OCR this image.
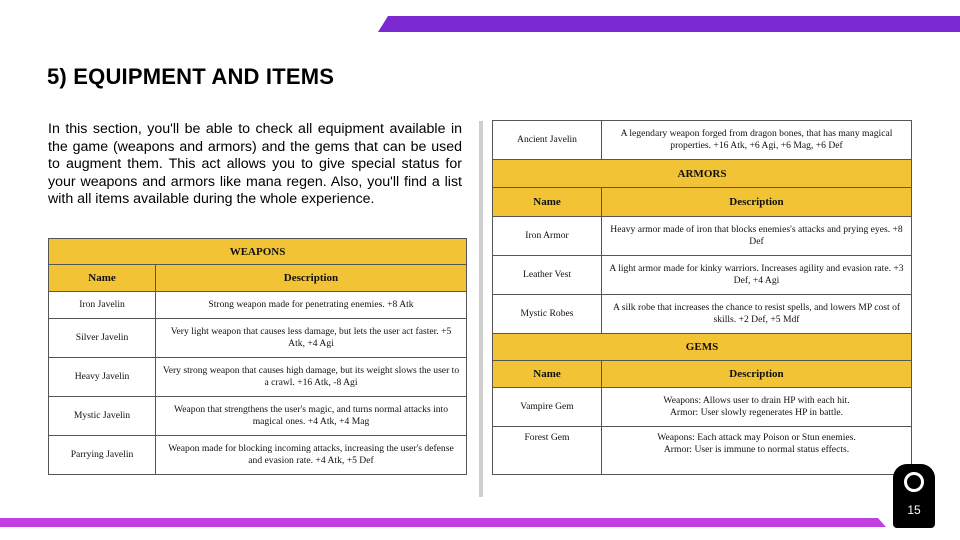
5) EQUIPMENT AND ITEMS

In this section, you'll be able to check all equipment available in the game (weapons and armors) and the gems that can be used to augment them. This act allows you to give special status for your weapons and armors like mana regen. Also, you'll find a list with all items available during the whole experience.

WEAPONS	
Name	Description
Iron Javelin	Strong weapon made for penetrating enemies. +8 Atk
Silver Javelin	Very light weapon that causes less damage, but lets the user act faster. +5 Atk, +4 Agi
Heavy Javelin	Very strong weapon that causes high damage, but its weight slows the user to a crawl. +16 Atk, -8 Agi
Mystic Javelin	Weapon that strengthens the user's magic, and turns normal attacks into magical ones. +4 Atk, +4 Mag
Parrying Javelin	Weapon made for blocking incoming attacks, increasing the user's defense and evasion rate. +4 Atk, +5 Def
Ancient Javelin	A legendary weapon forged from dragon bones, that has many magical properties. +16 Atk, +6 Agi, +6 Mag, +6 Def
ARMORS	
Name	Description
Iron Armor	Heavy armor made of iron that blocks enemies's attacks and prying eyes. +8 Def
Leather Vest	A light armor made for kinky warriors. Increases agility and evasion rate. +3 Def, +4 Agi
Mystic Robes	A silk robe that increases the chance to resist spells, and lowers MP cost of skills. +2 Def, +5 Mdf
GEMS	
Name	Description
Vampire Gem	Weapons: Allows user to drain HP with each hit.
Armor: User slowly regenerates HP in battle.

Forest Gem	Weapons: Each attack may Poison or Stun enemies.
Armor: User is immune to normal status effects.
15
